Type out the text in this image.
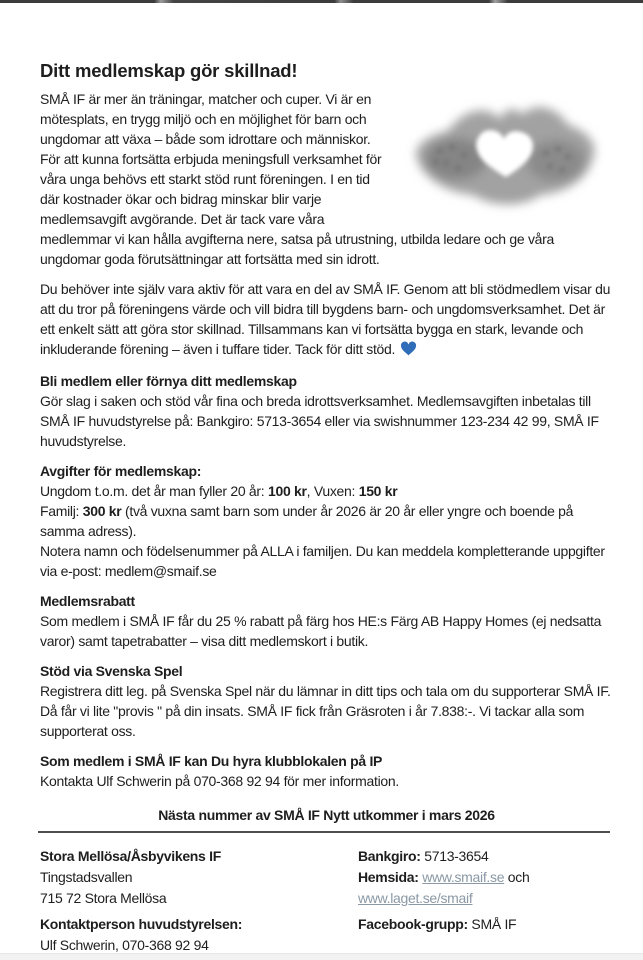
Ditt medlemskap gör skillnad!

SMÅ IF är mer än träningar, matcher och cuper. Vi är en mötesplats, en trygg miljö och en möjlighet för barn och ungdomar att växa – både som idrottare och människor. För att kunna fortsätta erbjuda meningsfull verksamhet för våra unga behövs ett starkt stöd runt föreningen. I en tid där kostnader ökar och bidrag minskar blir varje medlemsavgift avgörande. Det är tack vare våra medlemmar vi kan hålla avgifterna nere, satsa på utrustning, utbilda ledare och ge våra ungdomar goda förutsättningar att fortsätta med sin idrott.

Du behöver inte själv vara aktiv för att vara en del av SMÅ IF. Genom att bli stödmedlem visar du att du tror på föreningens värde och vill bidra till bygdens barn- och ungdomsverksamhet. Det är ett enkelt sätt att göra stor skillnad. Tillsammans kan vi fortsätta bygga en stark, levande och inkluderande förening – även i tuffare tider. Tack för ditt stöd.

Bli medlem eller förnya ditt medlemskap
Gör slag i saken och stöd vår fina och breda idrottsverksamhet. Medlemsavgiften inbetalas till SMÅ IF huvudstyrelse på: Bankgiro: 5713-3654 eller via swishnummer 123-234 42 99, SMÅ IF huvudstyrelse.
Avgifter för medlemskap:
Ungdom t.o.m. det år man fyller 20 år: 100 kr, Vuxen: 150 kr
Familj: 300 kr (två vuxna samt barn som under år 2026 är 20 år eller yngre och boende på samma adress).
Notera namn och födelsenummer på ALLA i familjen. Du kan meddela kompletterande uppgifter via e-post: medlem@smaif.se
Medlemsrabatt
Som medlem i SMÅ IF får du 25 % rabatt på färg hos HE:s Färg AB Happy Homes (ej nedsatta varor) samt tapetrabatter – visa ditt medlemskort i butik.
Stöd via Svenska Spel
Registrera ditt leg. på Svenska Spel när du lämnar in ditt tips och tala om du supporterar SMÅ IF. Då får vi lite "provis " på din insats. SMÅ IF fick från Gräsroten i år 7.838:-. Vi tackar alla som supporterat oss.
Som medlem i SMÅ IF kan Du hyra klubblokalen på IP
Kontakta Ulf Schwerin på 070-368 92 94 för mer information.
Nästa nummer av SMÅ IF Nytt utkommer i mars 2026
Stora Mellösa/Åsbyvikens IF
Tingstadsvallen
715 72 Stora Mellösa
Kontaktperson huvudstyrelsen:
Ulf Schwerin, 070-368 92 94
Bankgiro: 5713-3654
Hemsida: www.smaif.se och
www.laget.se/smaif
Facebook-grupp: SMÅ IF
